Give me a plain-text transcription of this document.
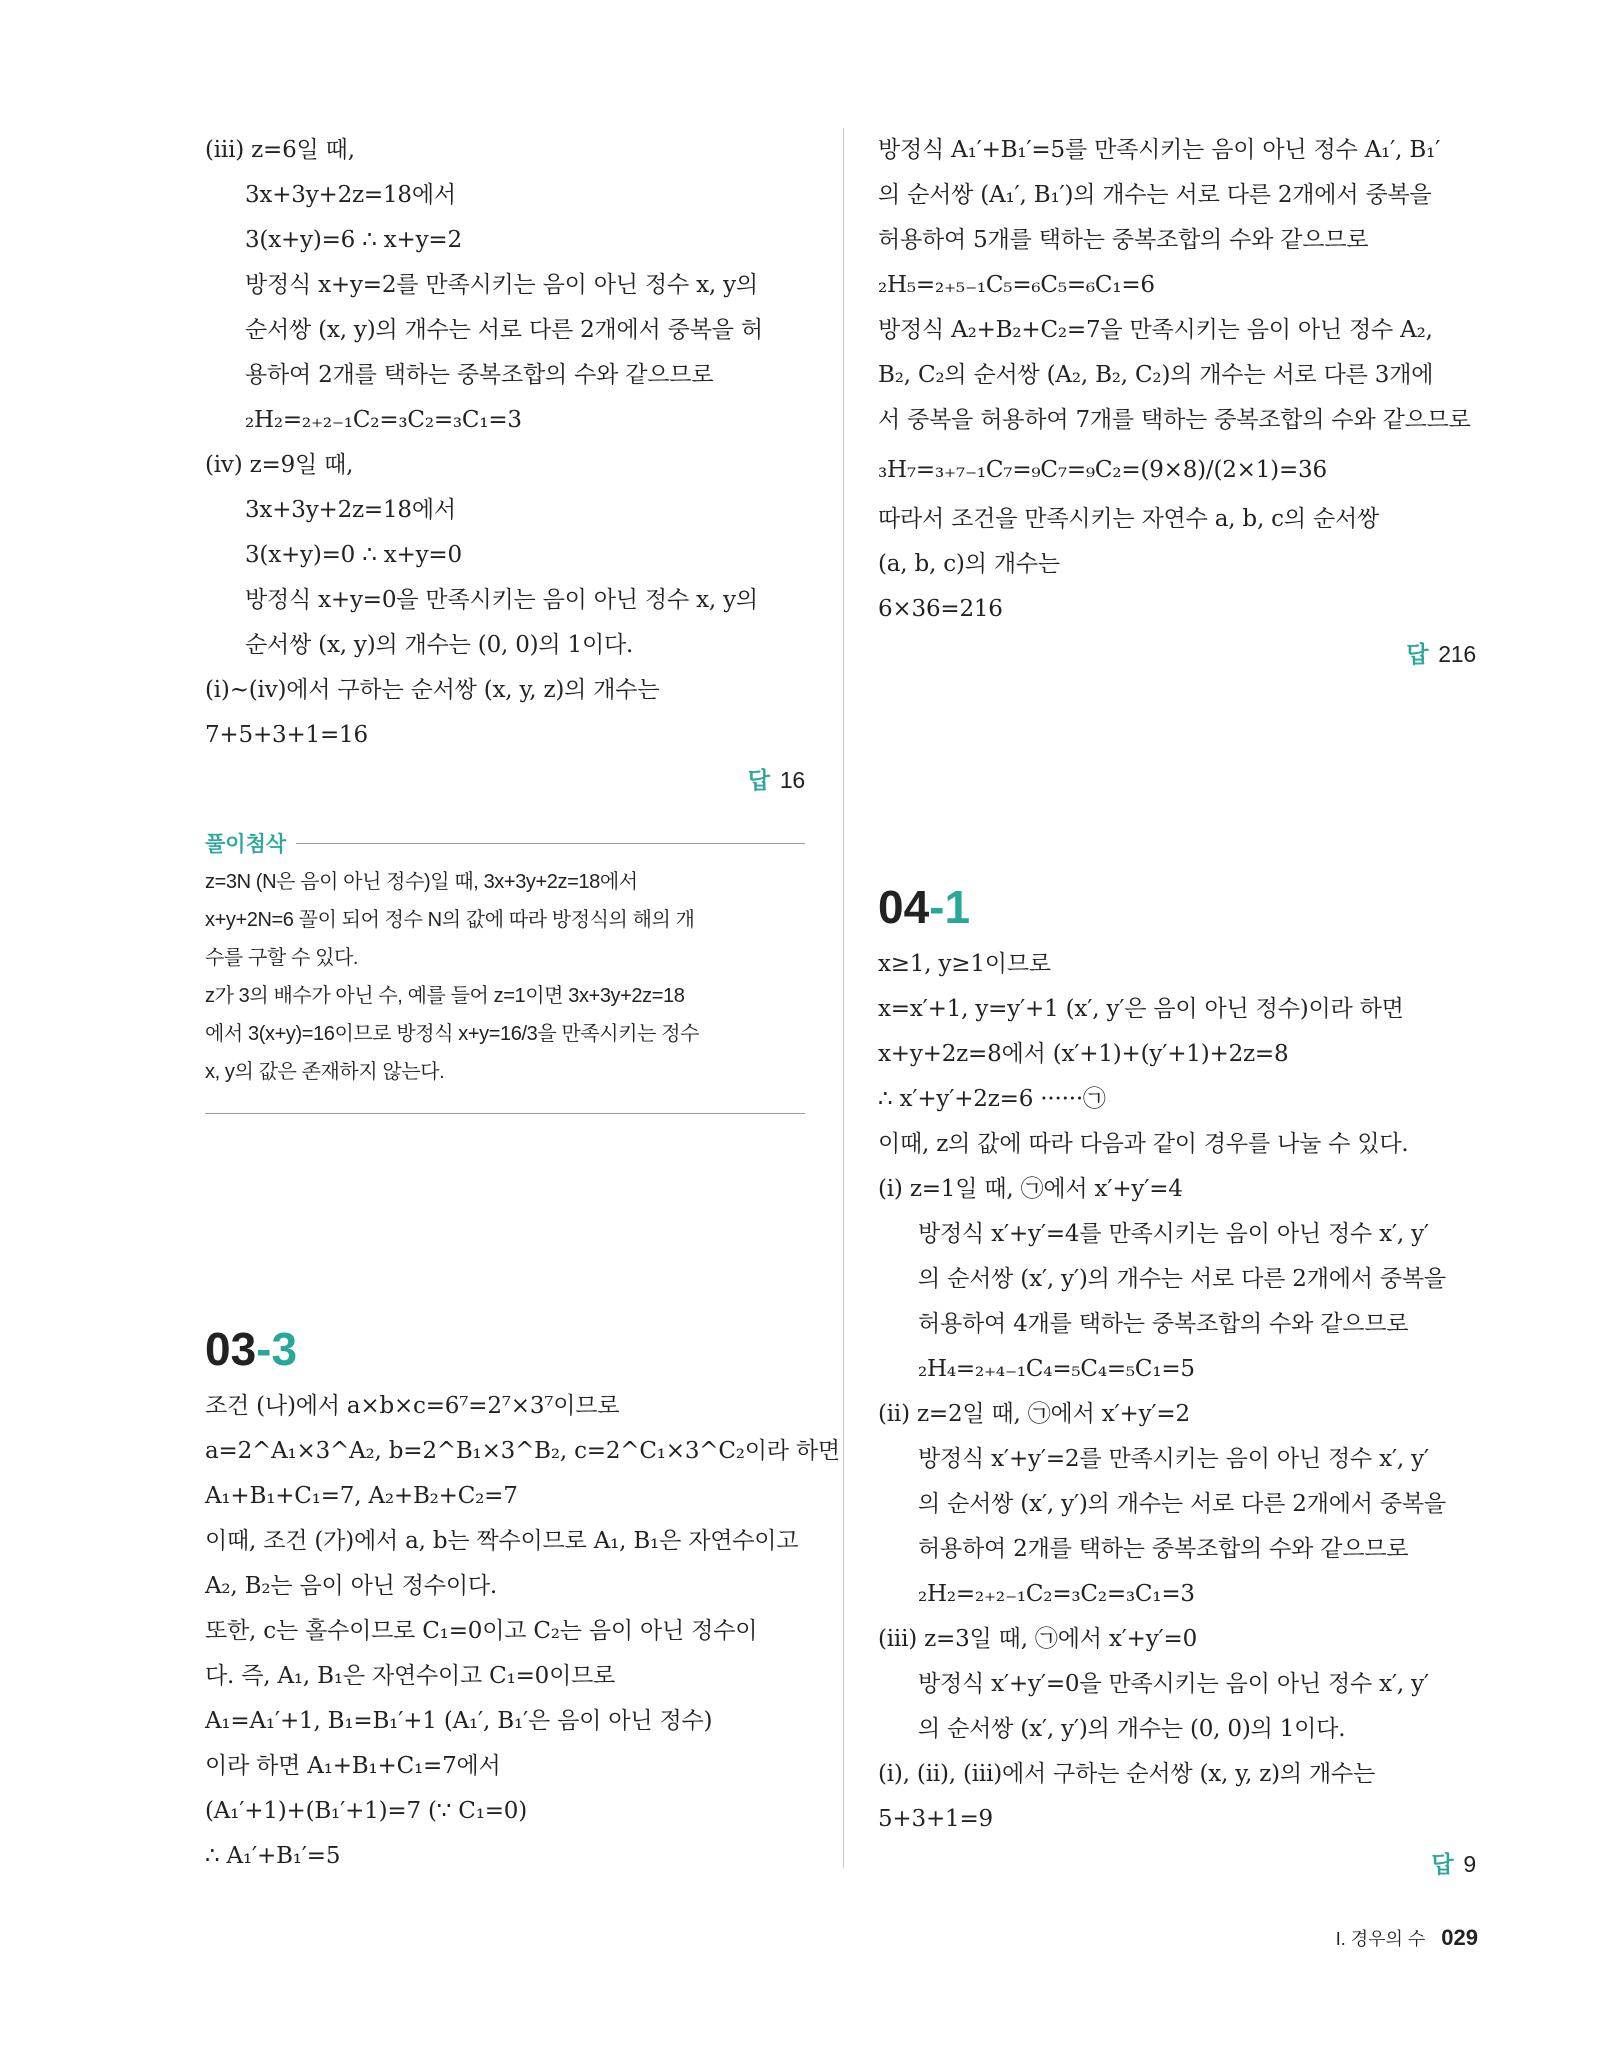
(iii) z=6일 때,
3x+3y+2z=18에서
3(x+y)=6 ∴ x+y=2
방정식 x+y=2를 만족시키는 음이 아닌 정수 x, y의
순서쌍 (x, y)의 개수는 서로 다른 2개에서 중복을 허
용하여 2개를 택하는 중복조합의 수와 같으므로
₂H₂=₂₊₂₋₁C₂=₃C₂=₃C₁=3
(iv) z=9일 때,
3x+3y+2z=18에서
3(x+y)=0 ∴ x+y=0
방정식 x+y=0을 만족시키는 음이 아닌 정수 x, y의
순서쌍 (x, y)의 개수는 (0, 0)의 1이다.
(i)~(iv)에서 구하는 순서쌍 (x, y, z)의 개수는
7+5+3+1=16
답 16
풀이첨삭
z=3N (N은 음이 아닌 정수)일 때, 3x+3y+2z=18에서
x+y+2N=6 꼴이 되어 정수 N의 값에 따라 방정식의 해의 개
수를 구할 수 있다.
z가 3의 배수가 아닌 수, 예를 들어 z=1이면 3x+3y+2z=18
에서 3(x+y)=16이므로 방정식 x+y=16/3을 만족시키는 정수
x, y의 값은 존재하지 않는다.
03-3
조건 (나)에서 a×b×c=6⁷=2⁷×3⁷이므로
a=2^A₁×3^A₂, b=2^B₁×3^B₂, c=2^C₁×3^C₂이라 하면
A₁+B₁+C₁=7, A₂+B₂+C₂=7
이때, 조건 (가)에서 a, b는 짝수이므로 A₁, B₁은 자연수이고
A₂, B₂는 음이 아닌 정수이다.
또한, c는 홀수이므로 C₁=0이고 C₂는 음이 아닌 정수이
다. 즉, A₁, B₁은 자연수이고 C₁=0이므로
A₁=A₁′+1, B₁=B₁′+1 (A₁′, B₁′은 음이 아닌 정수)
이라 하면 A₁+B₁+C₁=7에서
(A₁′+1)+(B₁′+1)=7 (∵ C₁=0)
∴ A₁′+B₁′=5
방정식 A₁′+B₁′=5를 만족시키는 음이 아닌 정수 A₁′, B₁′
의 순서쌍 (A₁′, B₁′)의 개수는 서로 다른 2개에서 중복을
허용하여 5개를 택하는 중복조합의 수와 같으므로
₂H₅=₂₊₅₋₁C₅=₆C₅=₆C₁=6
방정식 A₂+B₂+C₂=7을 만족시키는 음이 아닌 정수 A₂,
B₂, C₂의 순서쌍 (A₂, B₂, C₂)의 개수는 서로 다른 3개에
서 중복을 허용하여 7개를 택하는 중복조합의 수와 같으므로
₃H₇=₃₊₇₋₁C₇=₉C₇=₉C₂=(9×8)/(2×1)=36
따라서 조건을 만족시키는 자연수 a, b, c의 순서쌍
(a, b, c)의 개수는
6×36=216
답 216
04-1
x≥1, y≥1이므로
x=x′+1, y=y′+1 (x′, y′은 음이 아닌 정수)이라 하면
x+y+2z=8에서 (x′+1)+(y′+1)+2z=8
∴ x′+y′+2z=6 ······㉠
이때, z의 값에 따라 다음과 같이 경우를 나눌 수 있다.
(i) z=1일 때, ㉠에서 x′+y′=4
방정식 x′+y′=4를 만족시키는 음이 아닌 정수 x′, y′
의 순서쌍 (x′, y′)의 개수는 서로 다른 2개에서 중복을
허용하여 4개를 택하는 중복조합의 수와 같으므로
₂H₄=₂₊₄₋₁C₄=₅C₄=₅C₁=5
(ii) z=2일 때, ㉠에서 x′+y′=2
방정식 x′+y′=2를 만족시키는 음이 아닌 정수 x′, y′
의 순서쌍 (x′, y′)의 개수는 서로 다른 2개에서 중복을
허용하여 2개를 택하는 중복조합의 수와 같으므로
₂H₂=₂₊₂₋₁C₂=₃C₂=₃C₁=3
(iii) z=3일 때, ㉠에서 x′+y′=0
방정식 x′+y′=0을 만족시키는 음이 아닌 정수 x′, y′
의 순서쌍 (x′, y′)의 개수는 (0, 0)의 1이다.
(i), (ii), (iii)에서 구하는 순서쌍 (x, y, z)의 개수는
5+3+1=9
답 9
I. 경우의 수 029
